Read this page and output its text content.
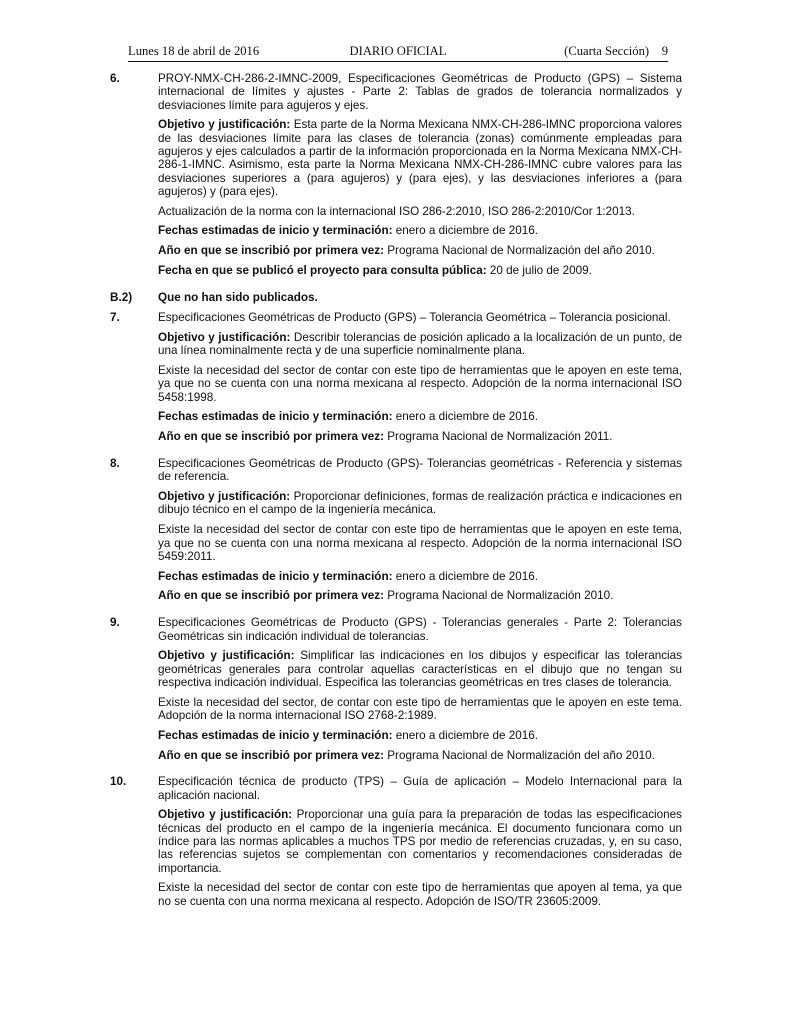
Lunes 18 de abril de 2016	DIARIO OFICIAL	(Cuarta Sección) 9
6.	PROY-NMX-CH-286-2-IMNC-2009, Especificaciones Geométricas de Producto (GPS) – Sistema internacional de límites y ajustes - Parte 2: Tablas de grados de tolerancia normalizados y desviaciones límite para agujeros y ejes.

Objetivo y justificación: Esta parte de la Norma Mexicana NMX-CH-286-IMNC proporciona valores de las desviaciones límite para las clases de tolerancia (zonas) comúnmente empleadas para agujeros y ejes calculados a partir de la información proporcionada en la Norma Mexicana NMX-CH-286-1-IMNC. Asimismo, esta parte la Norma Mexicana NMX-CH-286-IMNC cubre valores para las desviaciones superiores a (para agujeros) y (para ejes), y las desviaciones inferiores a (para agujeros) y (para ejes).

Actualización de la norma con la internacional ISO 286-2:2010, ISO 286-2:2010/Cor 1:2013.

Fechas estimadas de inicio y terminación: enero a diciembre de 2016.

Año en que se inscribió por primera vez: Programa Nacional de Normalización del año 2010.

Fecha en que se publicó el proyecto para consulta pública: 20 de julio de 2009.

B.2)	Que no han sido publicados.
7.	Especificaciones Geométricas de Producto (GPS) – Tolerancia Geométrica – Tolerancia posicional.

Objetivo y justificación: Describir tolerancias de posición aplicado a la localización de un punto, de una línea nominalmente recta y de una superficie nominalmente plana.

Existe la necesidad del sector de contar con este tipo de herramientas que le apoyen en este tema, ya que no se cuenta con una norma mexicana al respecto. Adopción de la norma internacional ISO 5458:1998.

Fechas estimadas de inicio y terminación: enero a diciembre de 2016.

Año en que se inscribió por primera vez: Programa Nacional de Normalización 2011.

8.	Especificaciones Geométricas de Producto (GPS)- Tolerancias geométricas - Referencia y sistemas de referencia.

Objetivo y justificación: Proporcionar definiciones, formas de realización práctica e indicaciones en dibujo técnico en el campo de la ingeniería mecánica.

Existe la necesidad del sector de contar con este tipo de herramientas que le apoyen en este tema, ya que no se cuenta con una norma mexicana al respecto. Adopción de la norma internacional ISO 5459:2011.

Fechas estimadas de inicio y terminación: enero a diciembre de 2016.

Año en que se inscribió por primera vez: Programa Nacional de Normalización 2010.

9.	Especificaciones Geométricas de Producto (GPS) - Tolerancias generales - Parte 2: Tolerancias Geométricas sin indicación individual de tolerancias.

Objetivo y justificación: Simplificar las indicaciones en los dibujos y especificar las tolerancias geométricas generales para controlar aquellas características en el dibujo que no tengan su respectiva indicación individual. Especifica las tolerancias geométricas en tres clases de tolerancia.

Existe la necesidad del sector, de contar con este tipo de herramientas que le apoyen en este tema. Adopción de la norma internacional ISO 2768-2:1989.

Fechas estimadas de inicio y terminación: enero a diciembre de 2016.

Año en que se inscribió por primera vez: Programa Nacional de Normalización del año 2010.

10.	Especificación técnica de producto (TPS) – Guía de aplicación – Modelo Internacional para la aplicación nacional.

Objetivo y justificación: Proporcionar una guía para la preparación de todas las especificaciones técnicas del producto en el campo de la ingeniería mecánica. El documento funcionara como un índice para las normas aplicables a muchos TPS por medio de referencias cruzadas, y, en su caso, las referencias sujetos se complementan con comentarios y recomendaciones consideradas de importancia.

Existe la necesidad del sector de contar con este tipo de herramientas que apoyen al tema, ya que no se cuenta con una norma mexicana al respecto. Adopción de ISO/TR 23605:2009.
